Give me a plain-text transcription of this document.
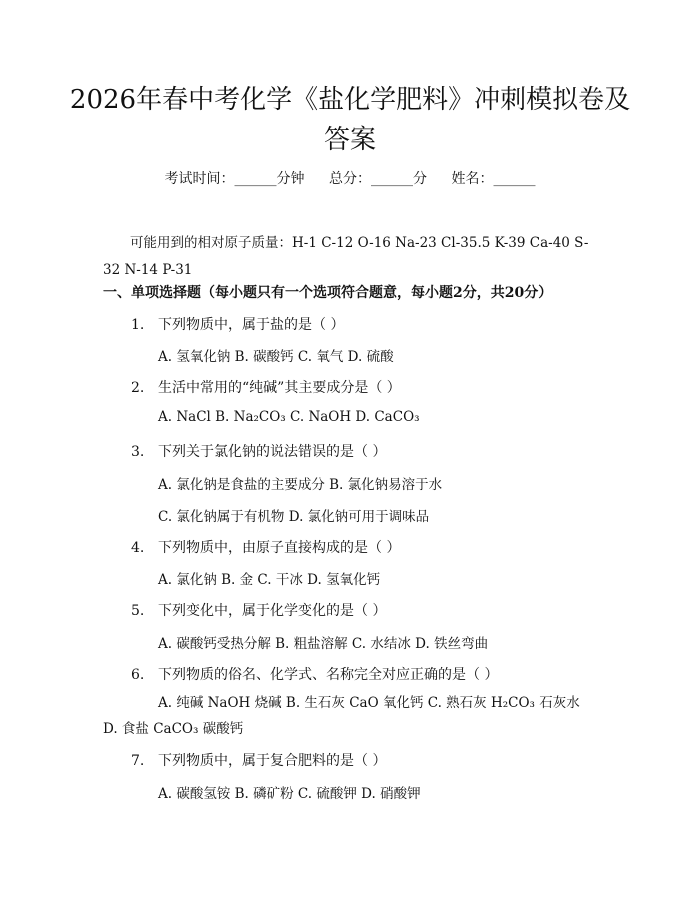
2026年春中考化学《盐化学肥料》冲刺模拟卷及答案
考试时间：______分钟 总分：______分 姓名：______
可能用到的相对原子质量：H-1 C-12 O-16 Na-23 Cl-35.5 K-39 Ca-40 S-32 N-14 P-31
一、单项选择题（每小题只有一个选项符合题意，每小题2分，共20分）
1. 下列物质中，属于盐的是（ ）
A. 氢氧化钠 B. 碳酸钙 C. 氧气 D. 硫酸
2. 生活中常用的“纯碱”其主要成分是（ ）
A. NaCl B. Na₂CO₃ C. NaOH D. CaCO₃
3. 下列关于氯化钠的说法错误的是（ ）
A. 氯化钠是食盐的主要成分 B. 氯化钠易溶于水
C. 氯化钠属于有机物 D. 氯化钠可用于调味品
4. 下列物质中，由原子直接构成的是（ ）
A. 氯化钠 B. 金 C. 干冰 D. 氢氧化钙
5. 下列变化中，属于化学变化的是（ ）
A. 碳酸钙受热分解 B. 粗盐溶解 C. 水结冰 D. 铁丝弯曲
6. 下列物质的俗名、化学式、名称完全对应正确的是（ ）
A. 纯碱 NaOH 烧碱 B. 生石灰 CaO 氧化钙 C. 熟石灰 H₂CO₃ 石灰水 D. 食盐 CaCO₃ 碳酸钙
7. 下列物质中，属于复合肥料的是（ ）
A. 碳酸氢铵 B. 磷矿粉 C. 硫酸钾 D. 硝酸钾
